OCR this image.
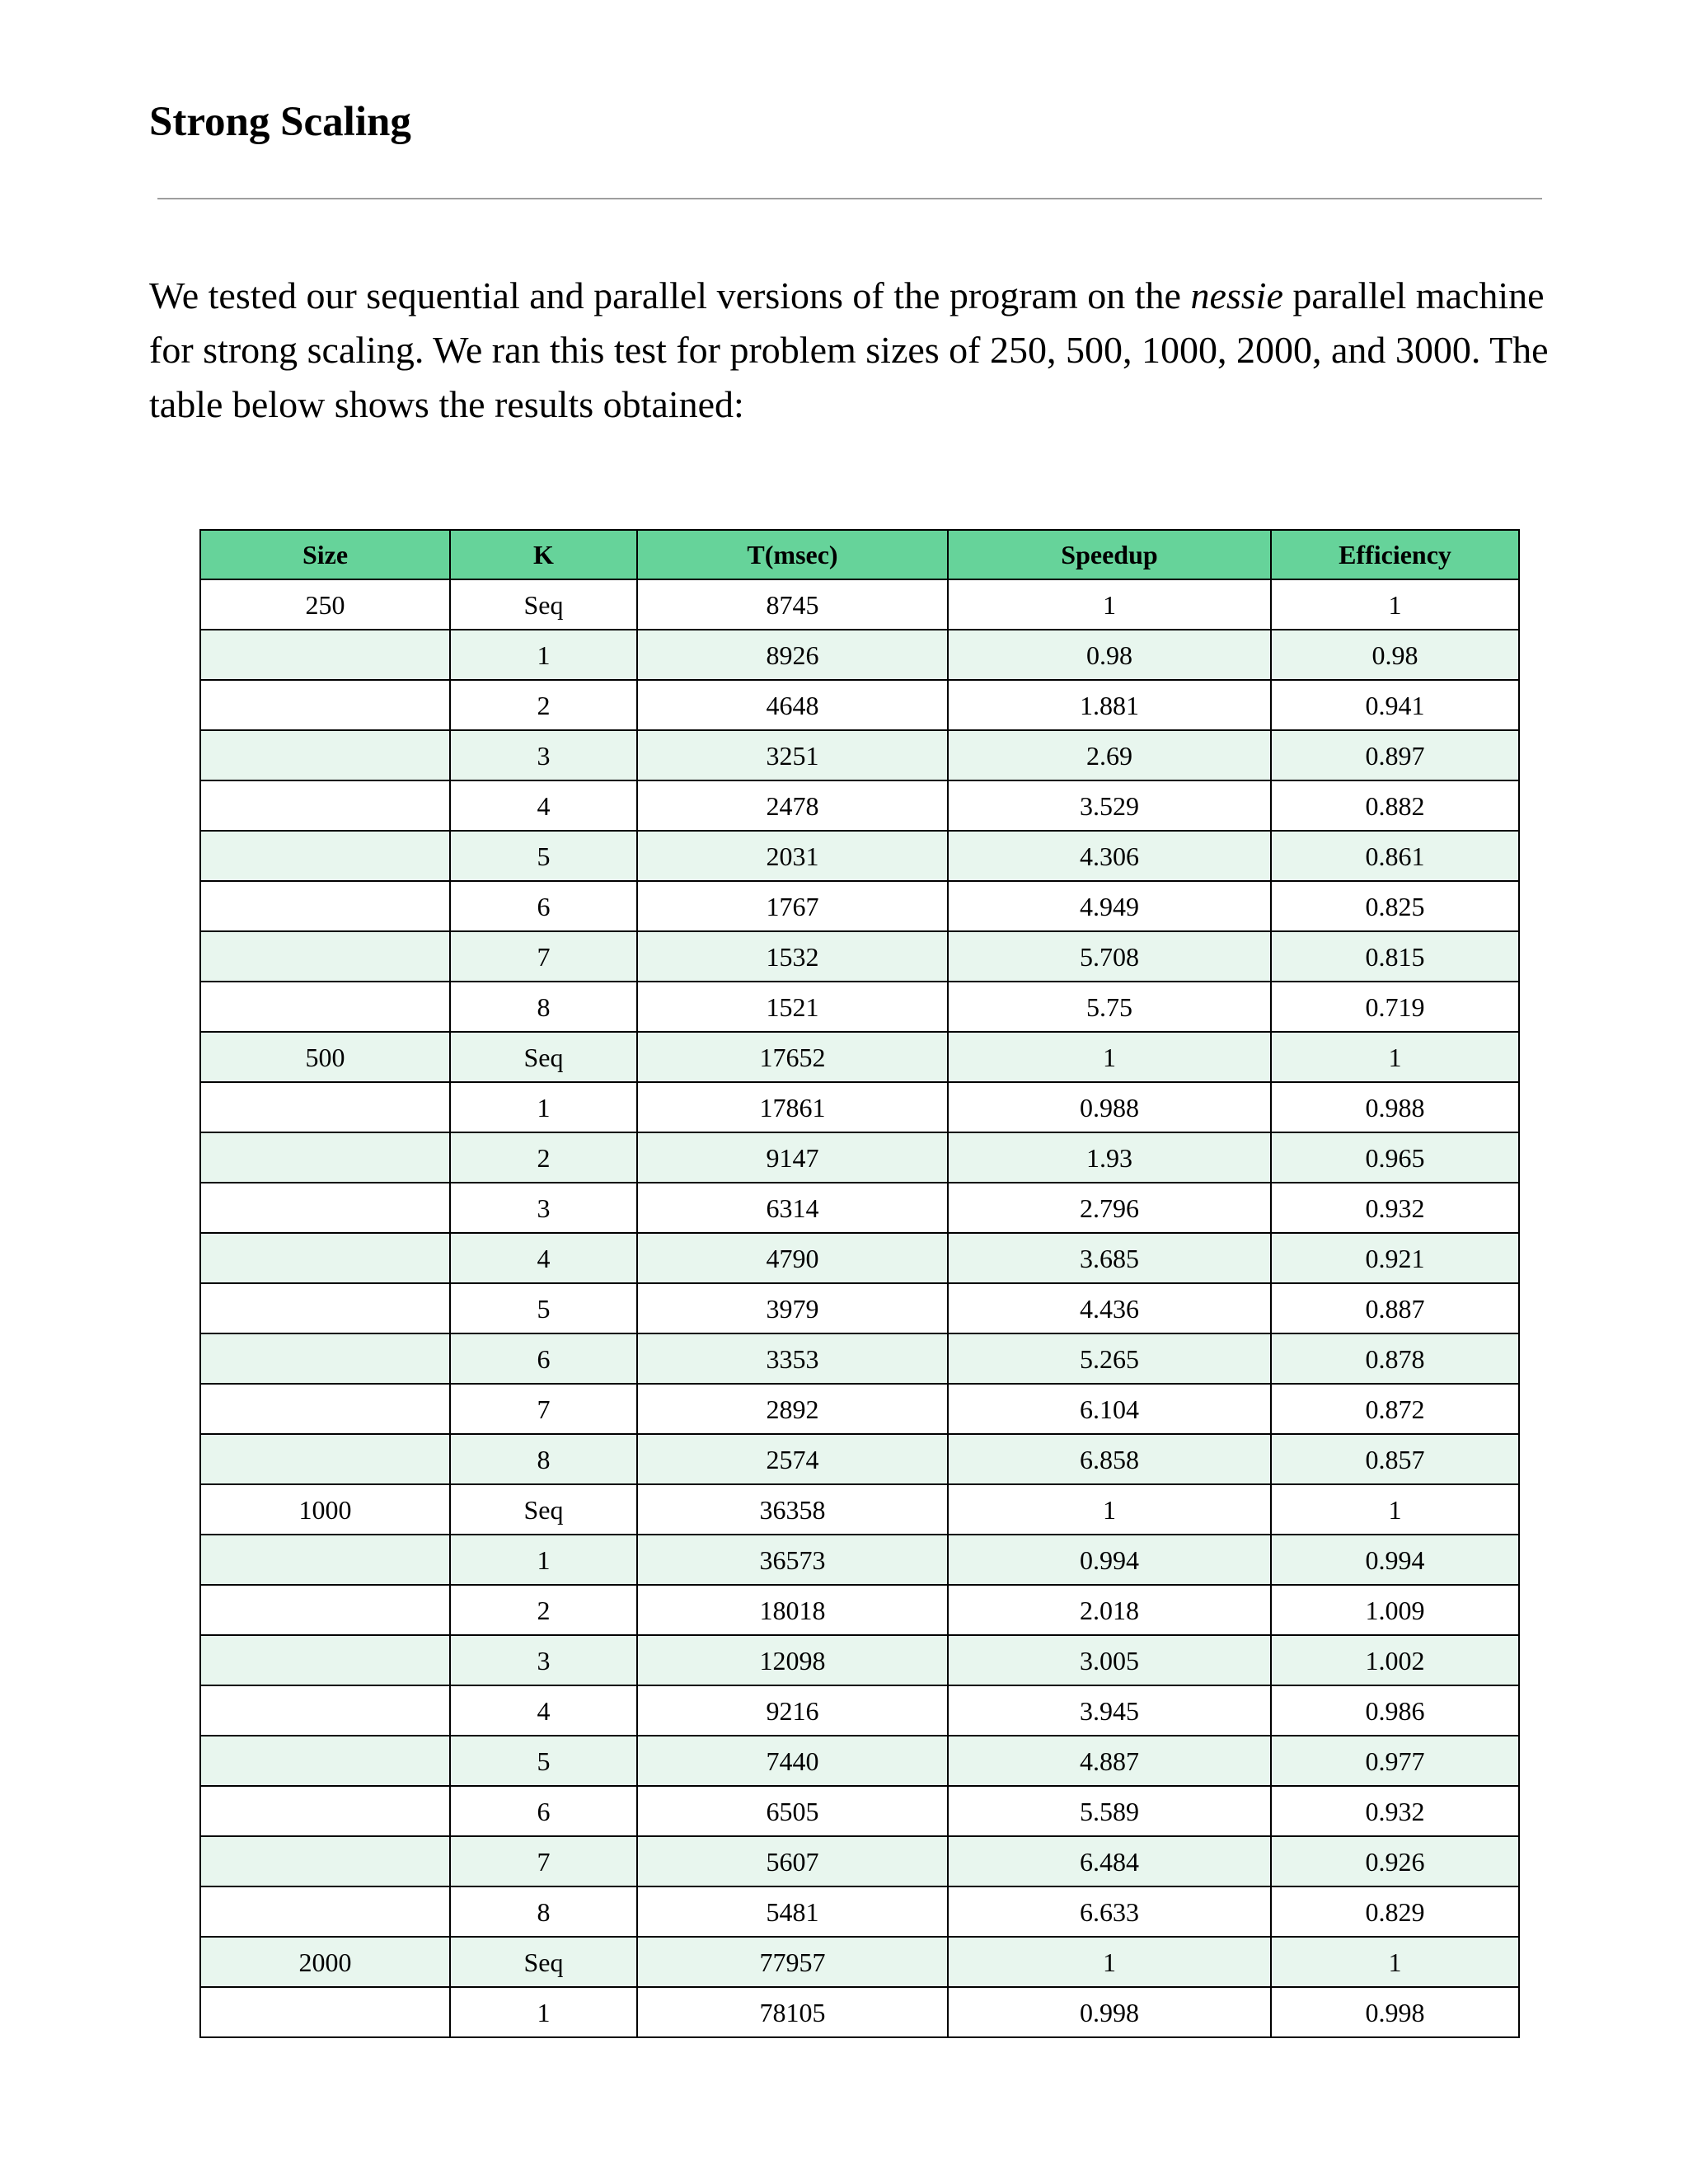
Strong Scaling

We tested our sequential and parallel versions of the program on the nessie parallel machine for strong scaling. We ran this test for problem sizes of 250, 500, 1000, 2000, and 3000. The table below shows the results obtained:

Size	K	T(msec)	Speedup	Efficiency
250	Seq	8745	1	1
	1	8926	0.98	0.98
	2	4648	1.881	0.941
	3	3251	2.69	0.897
	4	2478	3.529	0.882
	5	2031	4.306	0.861
	6	1767	4.949	0.825
	7	1532	5.708	0.815
	8	1521	5.75	0.719
500	Seq	17652	1	1
	1	17861	0.988	0.988
	2	9147	1.93	0.965
	3	6314	2.796	0.932
	4	4790	3.685	0.921
	5	3979	4.436	0.887
	6	3353	5.265	0.878
	7	2892	6.104	0.872
	8	2574	6.858	0.857
1000	Seq	36358	1	1
	1	36573	0.994	0.994
	2	18018	2.018	1.009
	3	12098	3.005	1.002
	4	9216	3.945	0.986
	5	7440	4.887	0.977
	6	6505	5.589	0.932
	7	5607	6.484	0.926
	8	5481	6.633	0.829
2000	Seq	77957	1	1
	1	78105	0.998	0.998
